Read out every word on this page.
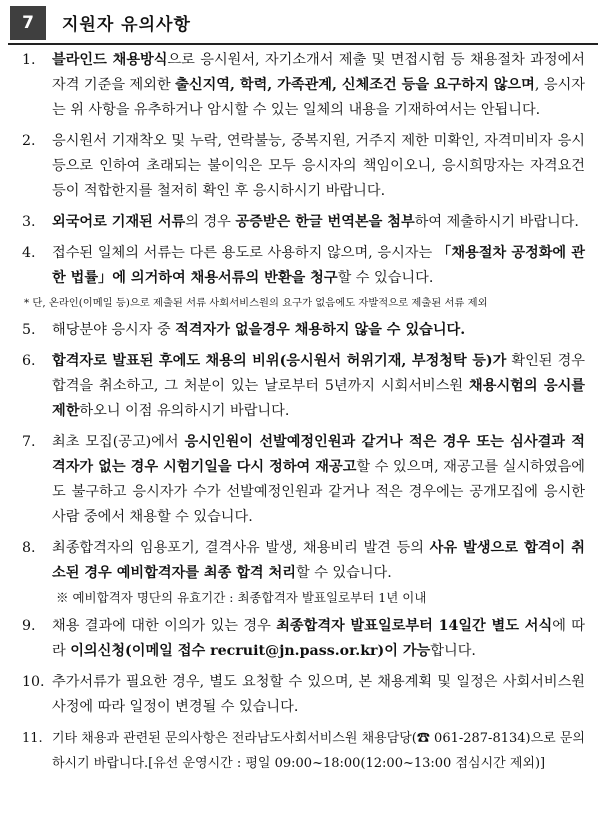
7	지원자 유의사항
1.	블라인드 채용방식으로 응시원서, 자기소개서 제출 및 면접시험 등 채용절차 과정에서 자격 기준을 제외한 출신지역, 학력, 가족관계, 신체조건 등을 요구하지 않으며, 응시자는 위 사항을 유추하거나 암시할 수 있는 일체의 내용을 기재하여서는 안됩니다.
2.	응시원서 기재착오 및 누락, 연락불능, 중복지원, 거주지 제한 미확인, 자격미비자 응시 등으로 인하여 초래되는 불이익은 모두 응시자의 책임이오니, 응시희망자는 자격요건 등이 적합한지를 철저히 확인 후 응시하시기 바랍니다.
3.	외국어로 기재된 서류의 경우 공증받은 한글 번역본을 첨부하여 제출하시기 바랍니다.
4.	접수된 일체의 서류는 다른 용도로 사용하지 않으며, 응시자는 「채용절차 공정화에 관한 법률」에 의거하여 채용서류의 반환을 청구할 수 있습니다.
* 단, 온라인(이메일 등)으로 제출된 서류 사회서비스원의 요구가 없음에도 자발적으로 제출된 서류 제외
5.	해당분야 응시자 중 적격자가 없을경우 채용하지 않을 수 있습니다.
6.	합격자로 발표된 후에도 채용의 비위(응시원서 허위기재, 부정청탁 등)가 확인된 경우 합격을 취소하고, 그 처분이 있는 날로부터 5년까지 시회서비스원 채용시험의 응시를 제한하오니 이점 유의하시기 바랍니다.
7.	최초 모집(공고)에서 응시인원이 선발예정인원과 같거나 적은 경우 또는 심사결과 적격자가 없는 경우 시험기일을 다시 정하여 재공고할 수 있으며, 재공고를 실시하였음에도 불구하고 응시자가 수가 선발예정인원과 같거나 적은 경우에는 공개모집에 응시한 사람 중에서 채용할 수 있습니다.
8.	최종합격자의 임용포기, 결격사유 발생, 채용비리 발견 등의 사유 발생으로 합격이 취소된 경우 예비합격자를 최종 합격 처리할 수 있습니다.
※ 예비합격자 명단의 유효기간 : 최종합격자 발표일로부터 1년 이내
9.	채용 결과에 대한 이의가 있는 경우 최종합격자 발표일로부터 14일간 별도 서식에 따라 이의신청(이메일 접수 recruit@jn.pass.or.kr)이 가능합니다.
10. 추가서류가 필요한 경우, 별도 요청할 수 있으며, 본 채용계획 및 일정은 사회서비스원 사정에 따라 일정이 변경될 수 있습니다.
11. 기타 채용과 관련된 문의사항은 전라남도사회서비스원 채용담당(☎ 061-287-8134)으로 문의하시기 바랍니다.[유선 운영시간 : 평일 09:00~18:00(12:00~13:00 점심시간 제외)]
